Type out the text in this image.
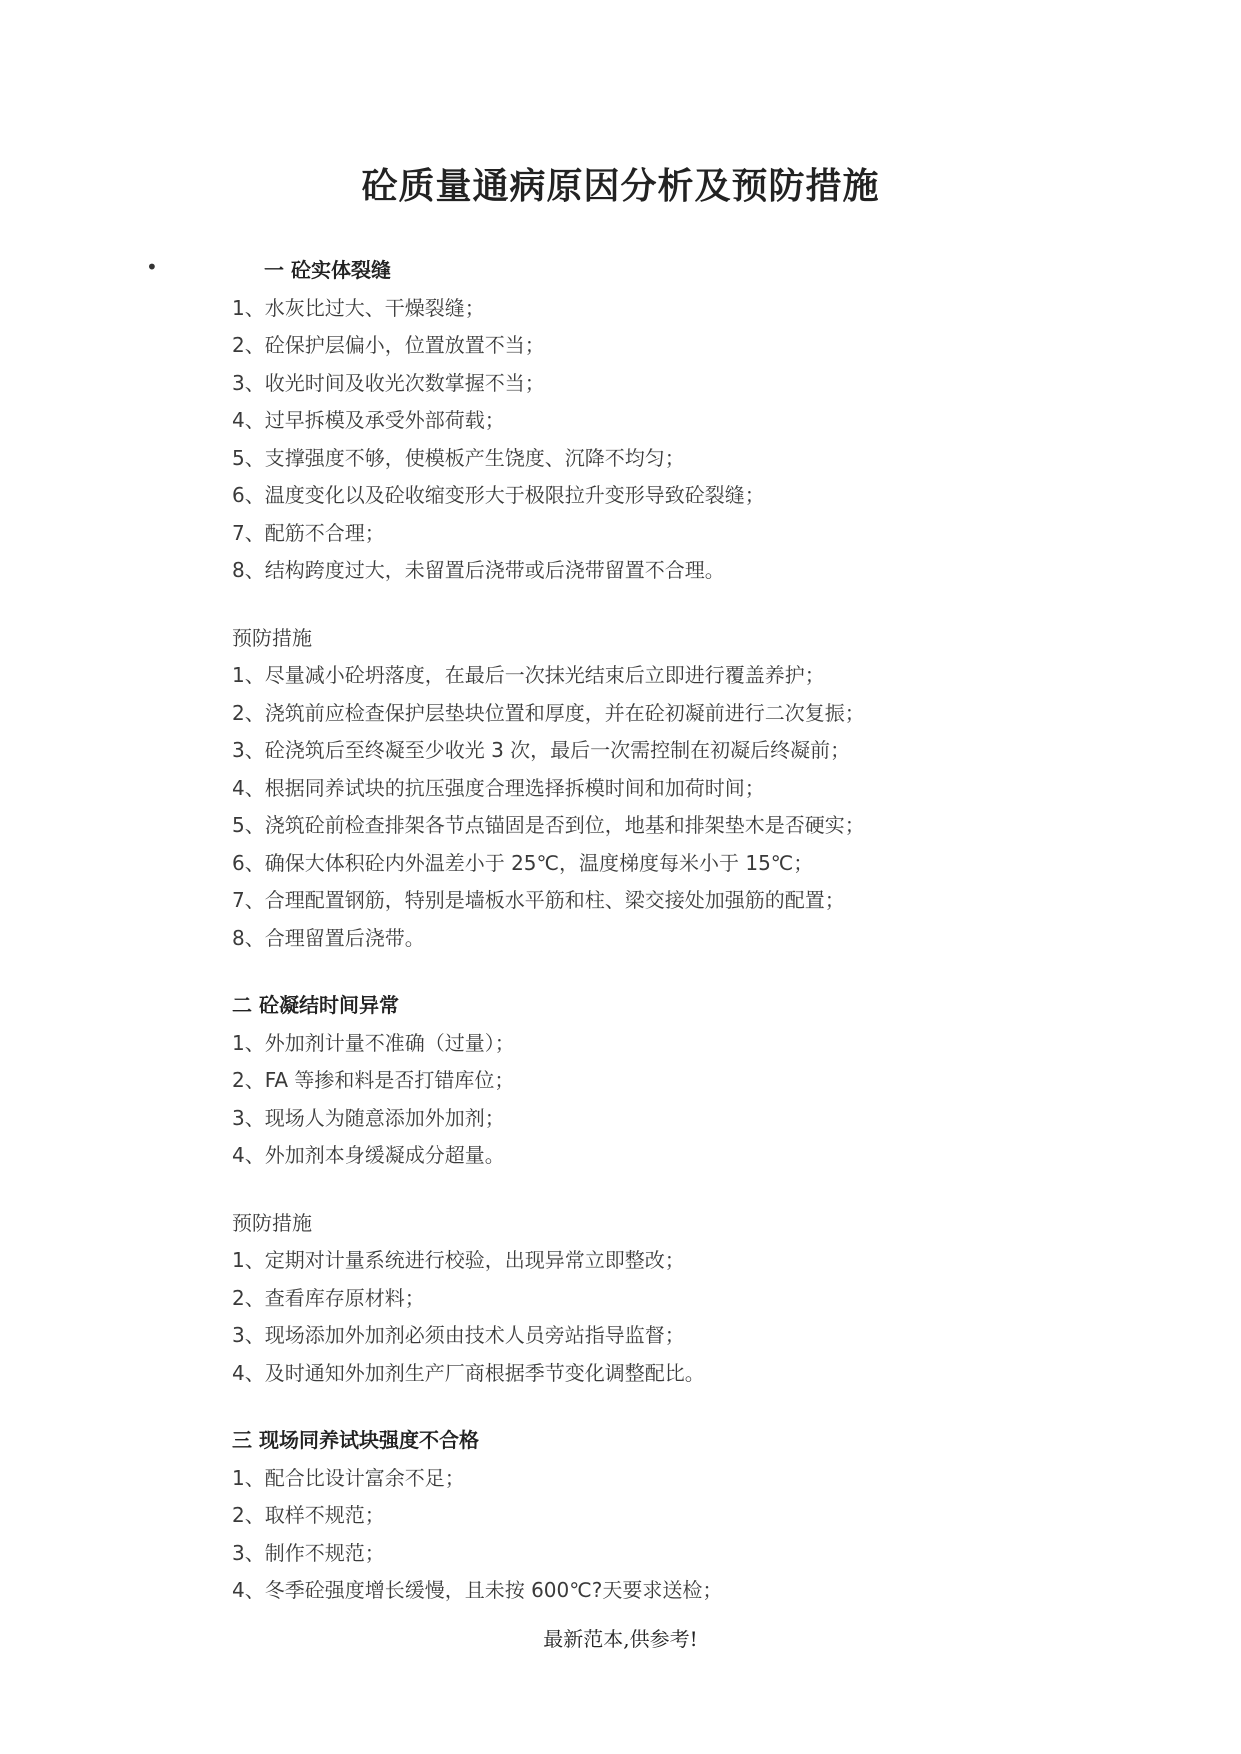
砼质量通病原因分析及预防措施
•	一 砼实体裂缝
1、水灰比过大、干燥裂缝；
2、砼保护层偏小，位置放置不当；
3、收光时间及收光次数掌握不当；
4、过早拆模及承受外部荷载；
5、支撑强度不够，使模板产生饶度、沉降不均匀；
6、温度变化以及砼收缩变形大于极限拉升变形导致砼裂缝；
7、配筋不合理；
8、结构跨度过大，未留置后浇带或后浇带留置不合理。
预防措施
1、尽量减小砼坍落度，在最后一次抹光结束后立即进行覆盖养护；
2、浇筑前应检查保护层垫块位置和厚度，并在砼初凝前进行二次复振；
3、砼浇筑后至终凝至少收光 3 次，最后一次需控制在初凝后终凝前；
4、根据同养试块的抗压强度合理选择拆模时间和加荷时间；
5、浇筑砼前检查排架各节点锚固是否到位，地基和排架垫木是否硬实；
6、确保大体积砼内外温差小于 25℃，温度梯度每米小于 15℃；
7、合理配置钢筋，特别是墙板水平筋和柱、梁交接处加强筋的配置；
8、合理留置后浇带。
二 砼凝结时间异常
1、外加剂计量不准确（过量）；
2、FA 等掺和料是否打错库位；
3、现场人为随意添加外加剂；
4、外加剂本身缓凝成分超量。
预防措施
1、定期对计量系统进行校验，出现异常立即整改；
2、查看库存原材料；
3、现场添加外加剂必须由技术人员旁站指导监督；
4、及时通知外加剂生产厂商根据季节变化调整配比。
三 现场同养试块强度不合格
1、配合比设计富余不足；
2、取样不规范；
3、制作不规范；
4、冬季砼强度增长缓慢，且未按 600℃?天要求送检；
最新范本,供参考!
